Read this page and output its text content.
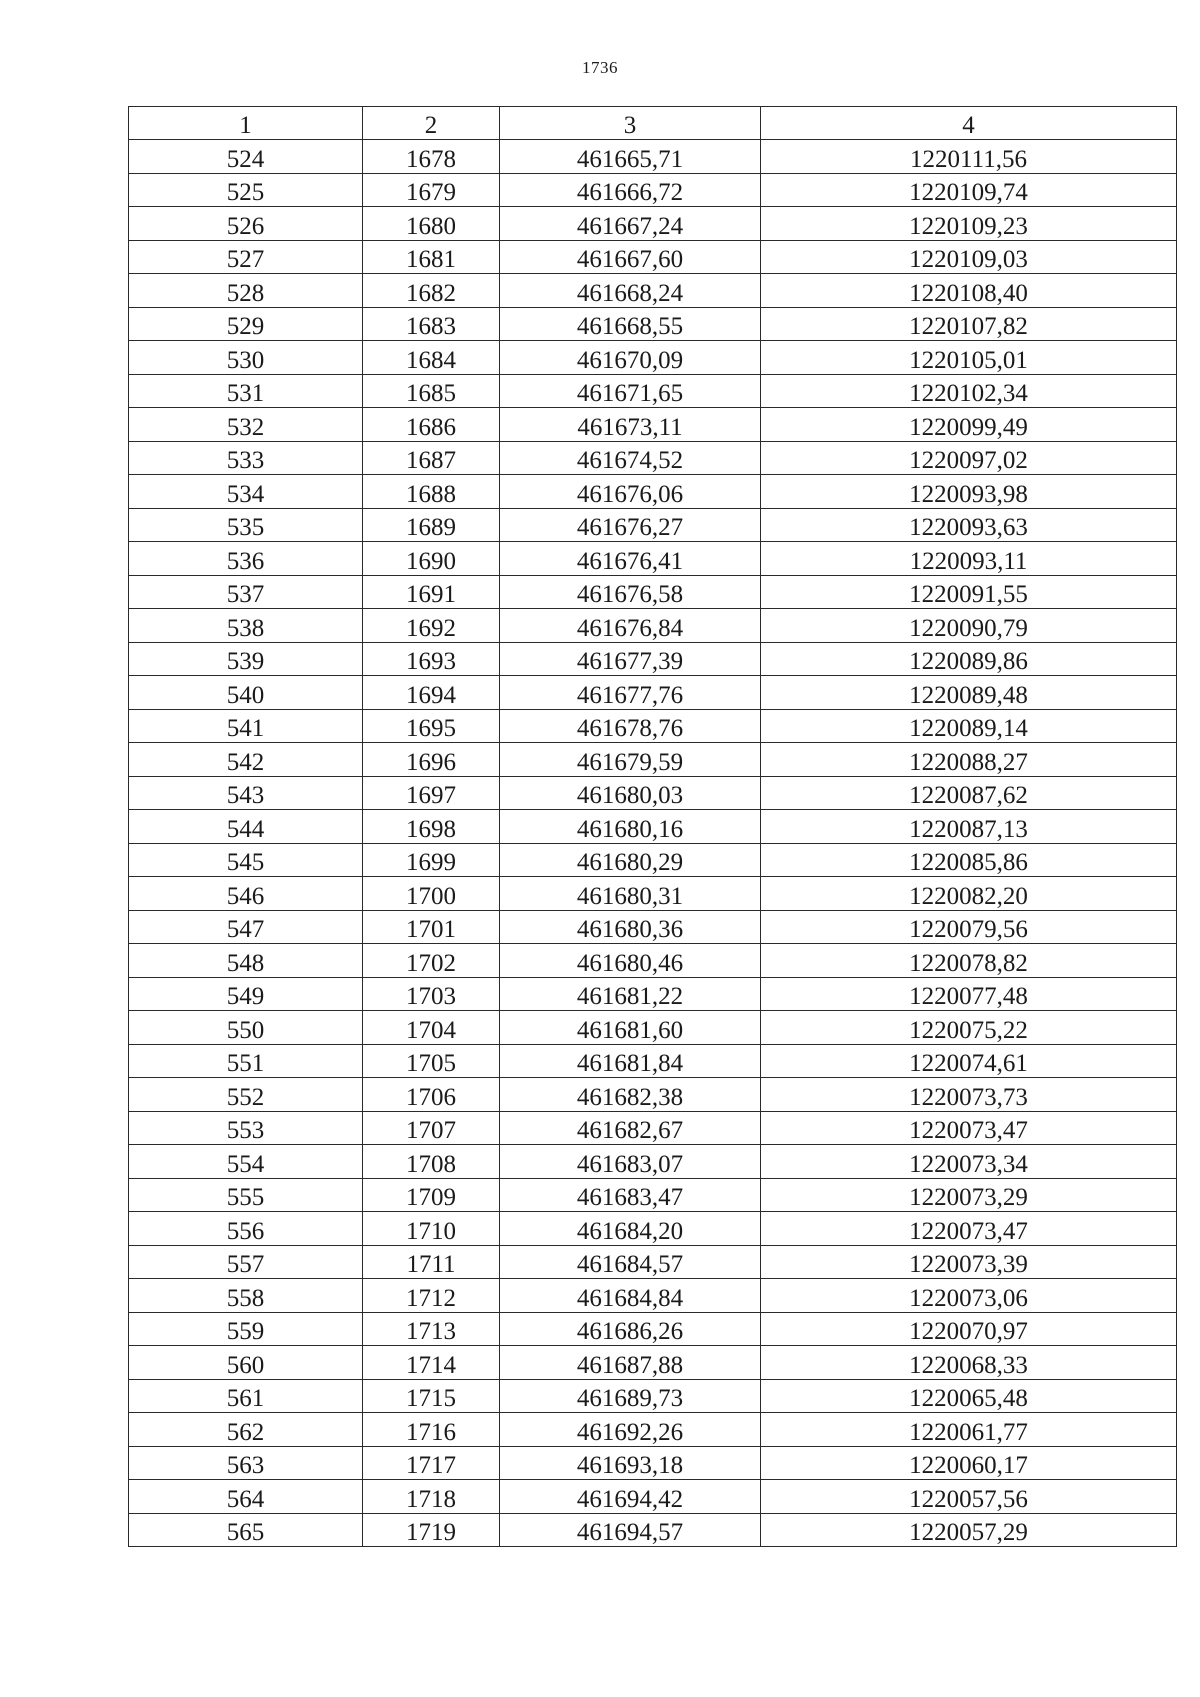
1736
1	2	3	4
524	1678	461665,71	1220111,56
525	1679	461666,72	1220109,74
526	1680	461667,24	1220109,23
527	1681	461667,60	1220109,03
528	1682	461668,24	1220108,40
529	1683	461668,55	1220107,82
530	1684	461670,09	1220105,01
531	1685	461671,65	1220102,34
532	1686	461673,11	1220099,49
533	1687	461674,52	1220097,02
534	1688	461676,06	1220093,98
535	1689	461676,27	1220093,63
536	1690	461676,41	1220093,11
537	1691	461676,58	1220091,55
538	1692	461676,84	1220090,79
539	1693	461677,39	1220089,86
540	1694	461677,76	1220089,48
541	1695	461678,76	1220089,14
542	1696	461679,59	1220088,27
543	1697	461680,03	1220087,62
544	1698	461680,16	1220087,13
545	1699	461680,29	1220085,86
546	1700	461680,31	1220082,20
547	1701	461680,36	1220079,56
548	1702	461680,46	1220078,82
549	1703	461681,22	1220077,48
550	1704	461681,60	1220075,22
551	1705	461681,84	1220074,61
552	1706	461682,38	1220073,73
553	1707	461682,67	1220073,47
554	1708	461683,07	1220073,34
555	1709	461683,47	1220073,29
556	1710	461684,20	1220073,47
557	1711	461684,57	1220073,39
558	1712	461684,84	1220073,06
559	1713	461686,26	1220070,97
560	1714	461687,88	1220068,33
561	1715	461689,73	1220065,48
562	1716	461692,26	1220061,77
563	1717	461693,18	1220060,17
564	1718	461694,42	1220057,56
565	1719	461694,57	1220057,29
